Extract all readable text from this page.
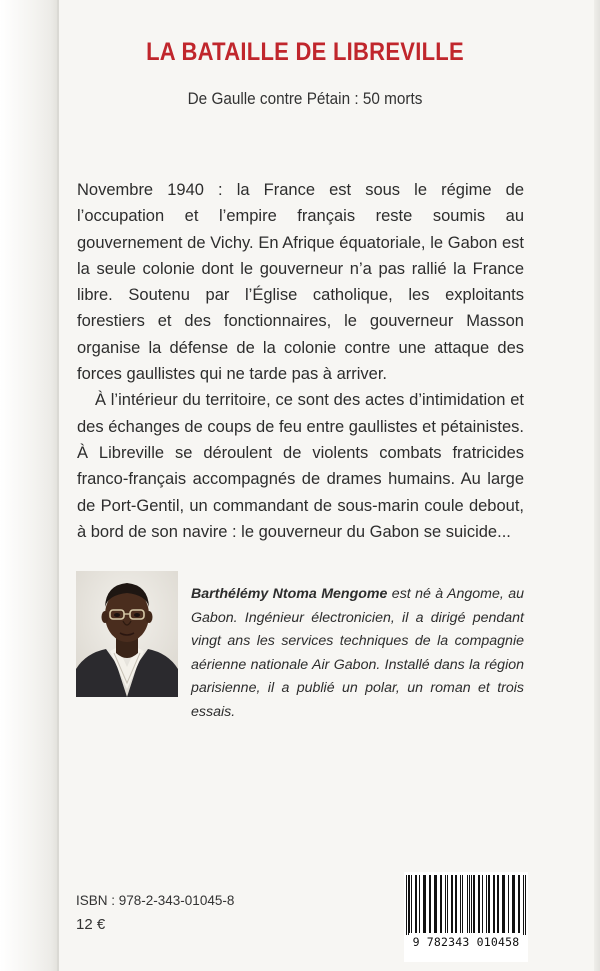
LA BATAILLE DE LIBREVILLE
De Gaulle contre Pétain : 50 morts

Novembre 1940 : la France est sous le régime de l’occupation et l’empire français reste soumis au gouvernement de Vichy. En Afrique équatoriale, le Gabon est la seule colonie dont le gouverneur n’a pas rallié la France libre. Soutenu par l’Église catholique, les exploitants forestiers et des fonctionnaires, le gouverneur Masson organise la défense de la colonie contre une attaque des forces gaullistes qui ne tarde pas à arriver.

À l’intérieur du territoire, ce sont des actes d’intimidation et des échanges de coups de feu entre gaullistes et pétainistes. À Libreville se déroulent de violents combats fratricides franco-français accompagnés de drames humains. Au large de Port-Gentil, un commandant de sous-marin coule debout, à bord de son navire : le gouverneur du Gabon se suicide...

Barthélémy Ntoma Mengome est né à Angome, au Gabon. Ingénieur électronicien, il a dirigé pendant vingt ans les services techniques de la compagnie aérienne nationale Air Gabon. Installé dans la région parisienne, il a publié un polar, un roman et trois essais.
ISBN : 978-2-343-01045-8
12 €
9 782343 010458
